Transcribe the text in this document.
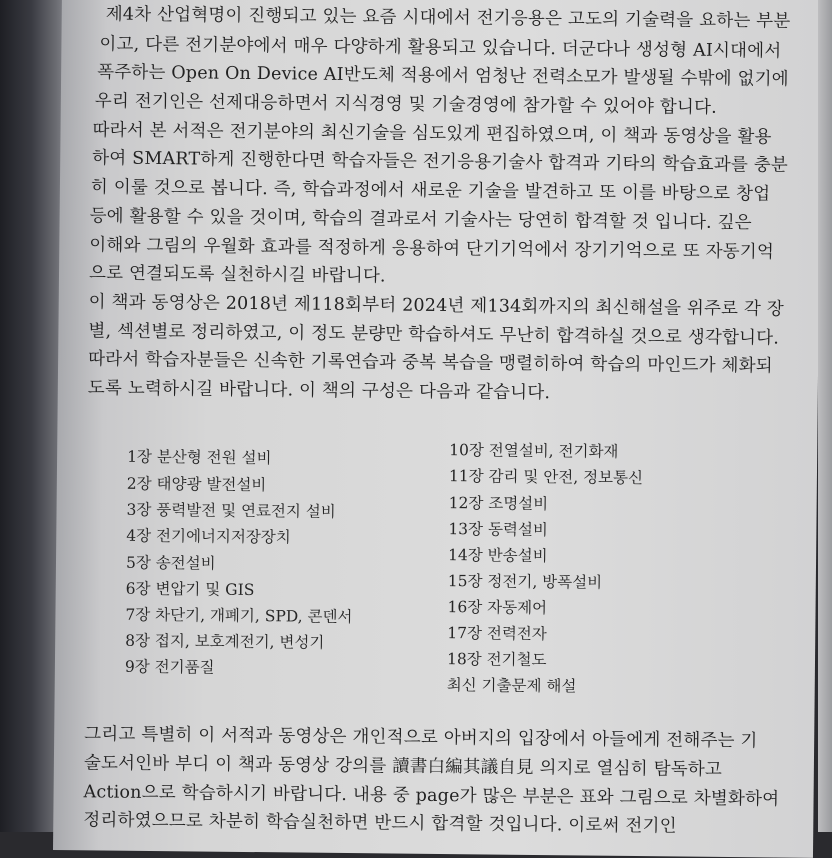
제4차 산업혁명이 진행되고 있는 요즘 시대에서 전기응용은 고도의 기술력을 요하는 부분
이고, 다른 전기분야에서 매우 다양하게 활용되고 있습니다. 더군다나 생성형 AI시대에서
폭주하는 Open On Device AI반도체 적용에서 엄청난 전력소모가 발생될 수밖에 없기에
우리 전기인은 선제대응하면서 지식경영 및 기술경영에 참가할 수 있어야 합니다.
따라서 본 서적은 전기분야의 최신기술을 심도있게 편집하였으며, 이 책과 동영상을 활용
하여 SMART하게 진행한다면 학습자들은 전기응용기술사 합격과 기타의 학습효과를 충분
히 이룰 것으로 봅니다. 즉, 학습과정에서 새로운 기술을 발견하고 또 이를 바탕으로 창업
등에 활용할 수 있을 것이며, 학습의 결과로서 기술사는 당연히 합격할 것 입니다. 깊은
이해와 그림의 우월화 효과를 적정하게 응용하여 단기기억에서 장기기억으로 또 자동기억
으로 연결되도록 실천하시길 바랍니다.
이 책과 동영상은 2018년 제118회부터 2024년 제134회까지의 최신해설을 위주로 각 장
별, 섹션별로 정리하였고, 이 정도 분량만 학습하셔도 무난히 합격하실 것으로 생각합니다.
따라서 학습자분들은 신속한 기록연습과 중복 복습을 맹렬히하여 학습의 마인드가 체화되
도록 노력하시길 바랍니다. 이 책의 구성은 다음과 같습니다.
1장 분산형 전원 설비
2장 태양광 발전설비
3장 풍력발전 및 연료전지 설비
4장 전기에너지저장장치
5장 송전설비
6장 변압기 및 GIS
7장 차단기, 개폐기, SPD, 콘덴서
8장 접지, 보호계전기, 변성기
9장 전기품질
10장 전열설비, 전기화재
11장 감리 및 안전, 정보통신
12장 조명설비
13장 동력설비
14장 반송설비
15장 정전기, 방폭설비
16장 자동제어
17장 전력전자
18장 전기철도
최신 기출문제 해설
그리고 특별히 이 서적과 동영상은 개인적으로 아버지의 입장에서 아들에게 전해주는 기
술도서인바 부디 이 책과 동영상 강의를 讀書白編其議自見 의지로 열심히 탐독하고
Action으로 학습하시기 바랍니다. 내용 중 page가 많은 부분은 표와 그림으로 차별화하여
정리하였으므로 차분히 학습실천하면 반드시 합격할 것입니다. 이로써 전기인
